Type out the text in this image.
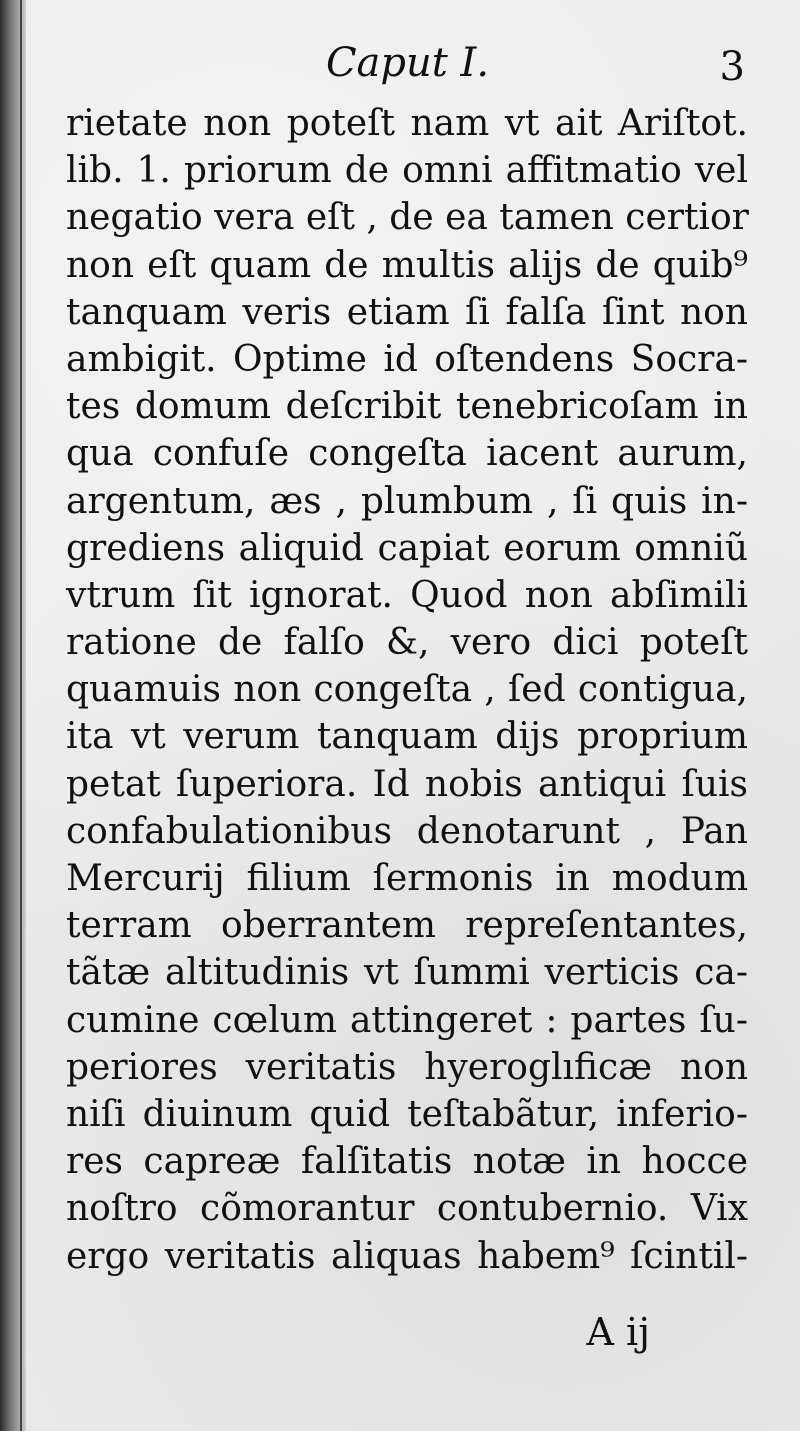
Caput I.	3
rietate non poteſt nam vt ait Ariſtot.
lib. 1. priorum de omni affitmatio vel
negatio vera eſt , de ea tamen certior
non eſt quam de multis alijs de quib⁹
tanquam veris etiam ſi falſa ſint non
ambigit. Optime id oſtendens Socra-
tes domum deſcribit tenebricoſam in
qua confuſe congeſta iacent aurum,
argentum, æs , plumbum , ſi quis in-
grediens aliquid capiat eorum omniũ
vtrum ſit ignorat. Quod non abſimili
ratione de falſo &, vero dici poteſt
quamuis non congeſta , ſed contigua,
ita vt verum tanquam dijs proprium
petat ſuperiora. Id nobis antiqui ſuis
confabulationibus denotarunt , Pan
Mercurij filium ſermonis in modum
terram oberrantem repreſentantes,
tãtæ altitudinis vt ſummi verticis ca-
cumine cœlum attingeret : partes ſu-
periores veritatis hyeroglıficæ non
niſi diuinum quid teſtabãtur, inferio-
res capreæ falſitatis notæ in hocce
noſtro cõmorantur contubernio. Vix
ergo veritatis aliquas habem⁹ ſcintil-
A ij
